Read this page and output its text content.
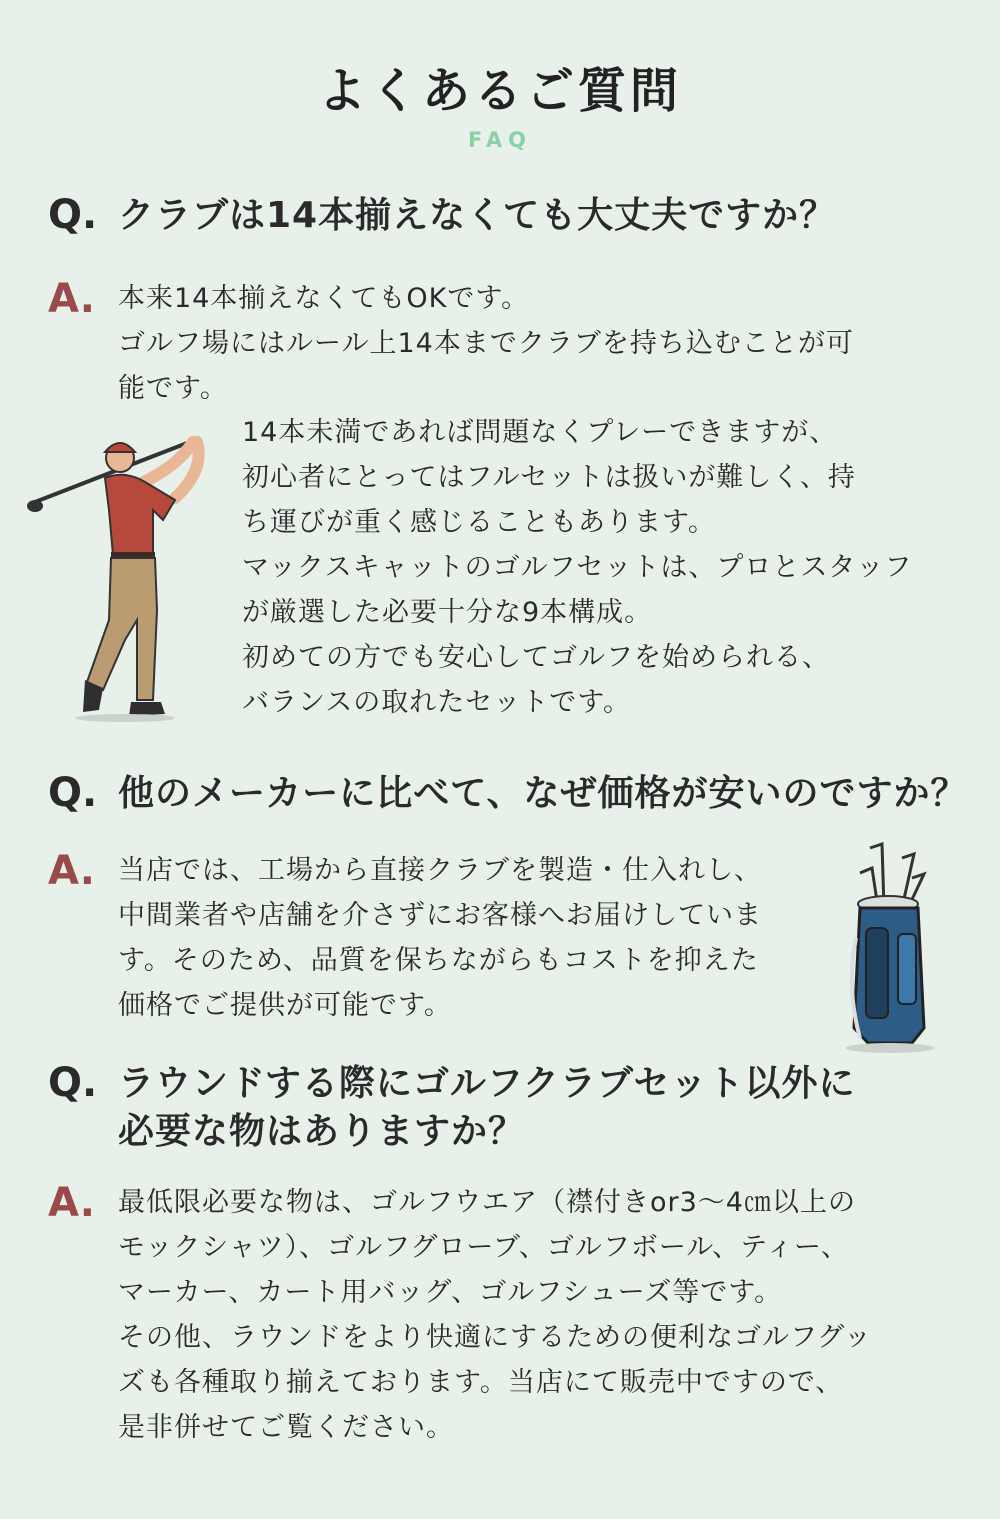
よくあるご質問
FAQ
Q. クラブは14本揃えなくても大丈夫ですか？
A. 本来14本揃えなくてもOKです。

ゴルフ場にはルール上14本までクラブを持ち込むことが可

能です。

14本未満であれば問題なくプレーできますが、

初心者にとってはフルセットは扱いが難しく、持

ち運びが重く感じることもあります。

マックスキャットのゴルフセットは、プロとスタッフ

が厳選した必要十分な9本構成。

初めての方でも安心してゴルフを始められる、

バランスの取れたセットです。

Q. 他のメーカーに比べて、なぜ価格が安いのですか？
A. 当店では、工場から直接クラブを製造・仕入れし、

中間業者や店舗を介さずにお客様へお届けしていま

す。そのため、品質を保ちながらもコストを抑えた

価格でご提供が可能です。

Q. ラウンドする際にゴルフクラブセット以外に
必要な物はありますか？
A. 最低限必要な物は、ゴルフウエア（襟付きor3～4㎝以上の

モックシャツ）、ゴルフグローブ、ゴルフボール、ティー、

マーカー、カート用バッグ、ゴルフシューズ等です。

その他、ラウンドをより快適にするための便利なゴルフグッ

ズも各種取り揃えております。当店にて販売中ですので、

是非併せてご覧ください。
